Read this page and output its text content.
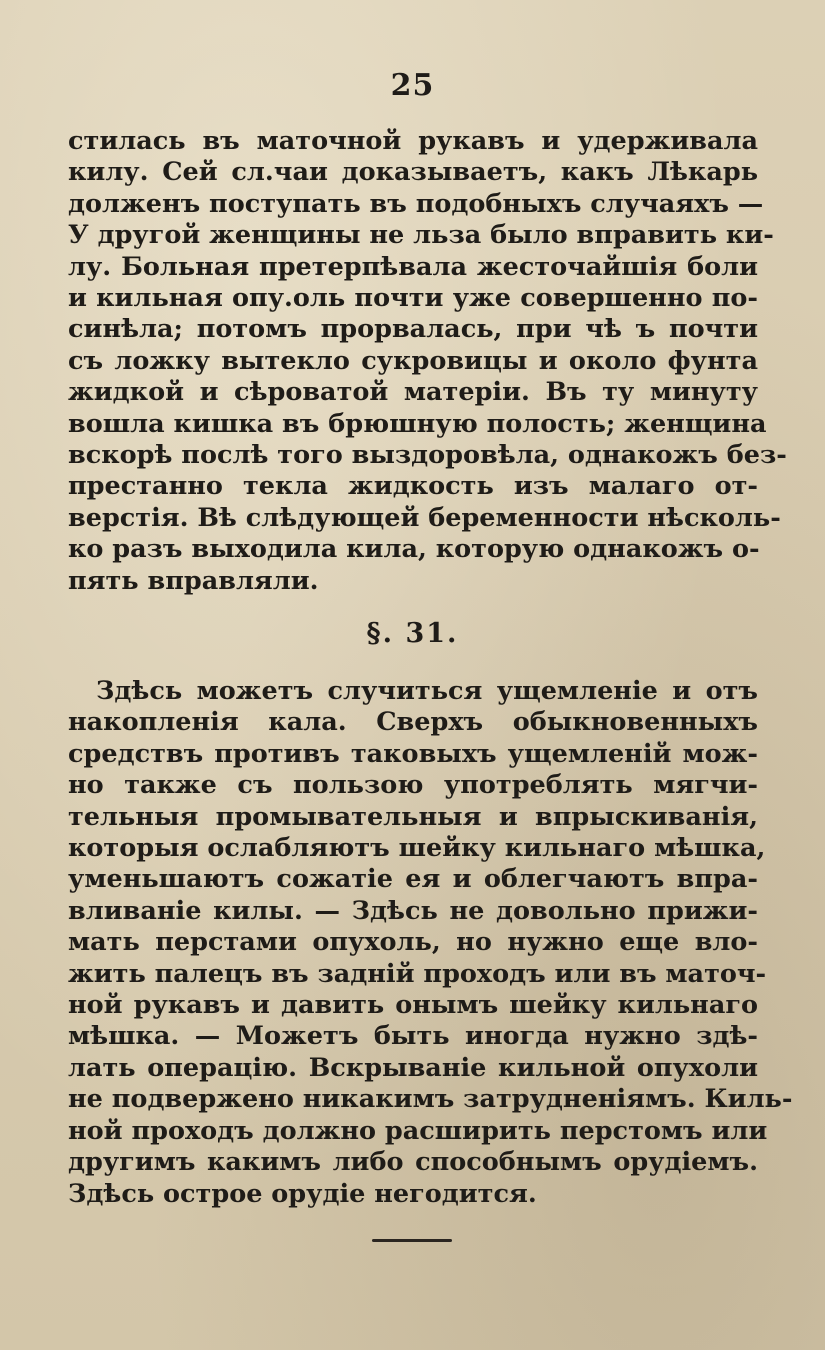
25
стилась въ маточной рукавъ и удерживала
килу. Сей сл.чаи доказываетъ, какъ Лѣкарь
долженъ поступать въ подобныхъ случаяхъ —
У другой женщины не льза было вправить ки-
лу. Больная претерпѣвала жесточайшія боли
и кильная опу.оль почти уже совершенно по-
синѣла; потомъ прорвалась, при чѣ ъ почти
съ ложку вытекло сукровицы и около фунта
жидкой и сѣроватой матеріи. Въ ту минуту
вошла кишка въ брюшную полость; женщина
вскорѣ послѣ того выздоровѣла, однакожъ без-
престанно текла жидкость изъ малаго от-
верстія. Вѣ слѣдующей беременности нѣсколь-
ко разъ выходила кила, которую однакожъ о-
пять вправляли.
§. 31.
Здѣсь можетъ случиться ущемленіе и отъ
накопленія кала. Сверхъ обыкновенныхъ
средствъ противъ таковыхъ ущемленій мож-
но также съ пользою употреблять мягчи-
тельныя промывательныя и впрыскиванія,
которыя ослабляютъ шейку кильнаго мѣшка,
уменьшаютъ сожатіе ея и облегчаютъ впра-
вливаніе килы. — Здѣсь не довольно прижи-
мать перстами опухоль, но нужно еще вло-
жить палецъ въ задній проходъ или въ маточ-
ной рукавъ и давить онымъ шейку кильнаго
мѣшка. — Можетъ быть иногда нужно здѣ-
лать операцію. Вскрываніе кильной опухоли
не подвержено никакимъ затрудненіямъ. Киль-
ной проходъ должно расширить перстомъ или
другимъ какимъ либо способнымъ орудіемъ.
Здѣсь острое орудіе негодится.
